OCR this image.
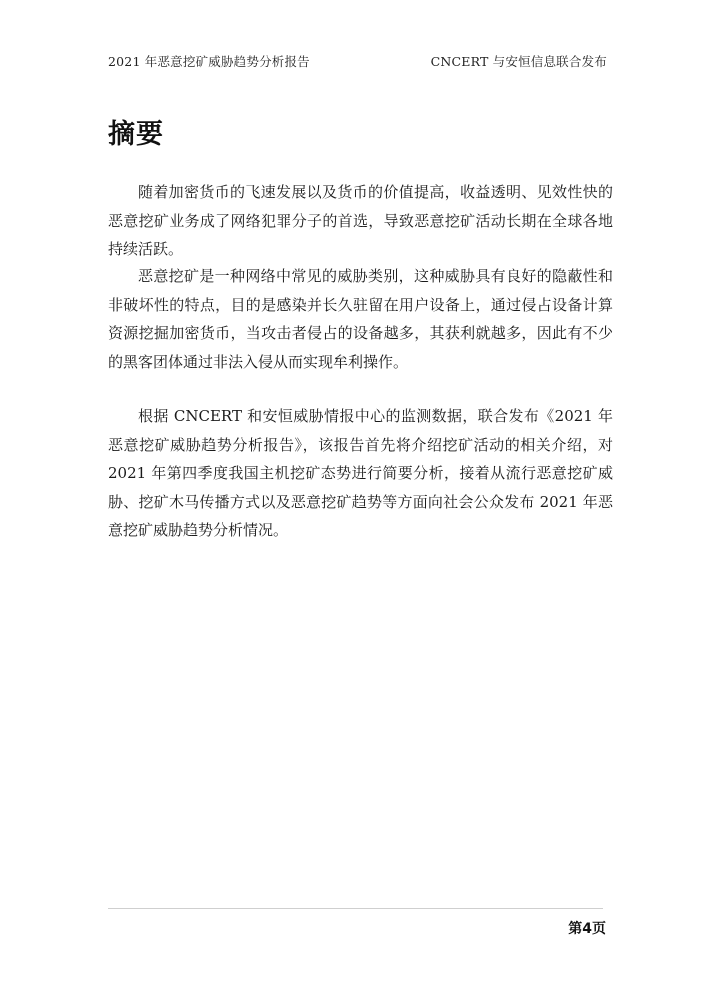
2021 年恶意挖矿威胁趋势分析报告	CNCERT 与安恒信息联合发布
摘要

随着加密货币的飞速发展以及货币的价值提高，收益透明、见效性快的恶意挖矿业务成了网络犯罪分子的首选，导致恶意挖矿活动长期在全球各地持续活跃。

恶意挖矿是一种网络中常见的威胁类别，这种威胁具有良好的隐蔽性和非破坏性的特点，目的是感染并长久驻留在用户设备上，通过侵占设备计算资源挖掘加密货币，当攻击者侵占的设备越多，其获利就越多，因此有不少的黑客团体通过非法入侵从而实现牟利操作。

根据 CNCERT 和安恒威胁情报中心的监测数据，联合发布《2021 年恶意挖矿威胁趋势分析报告》，该报告首先将介绍挖矿活动的相关介绍，对 2021 年第四季度我国主机挖矿态势进行简要分析，接着从流行恶意挖矿威胁、挖矿木马传播方式以及恶意挖矿趋势等方面向社会公众发布 2021 年恶意挖矿威胁趋势分析情况。

第4页
